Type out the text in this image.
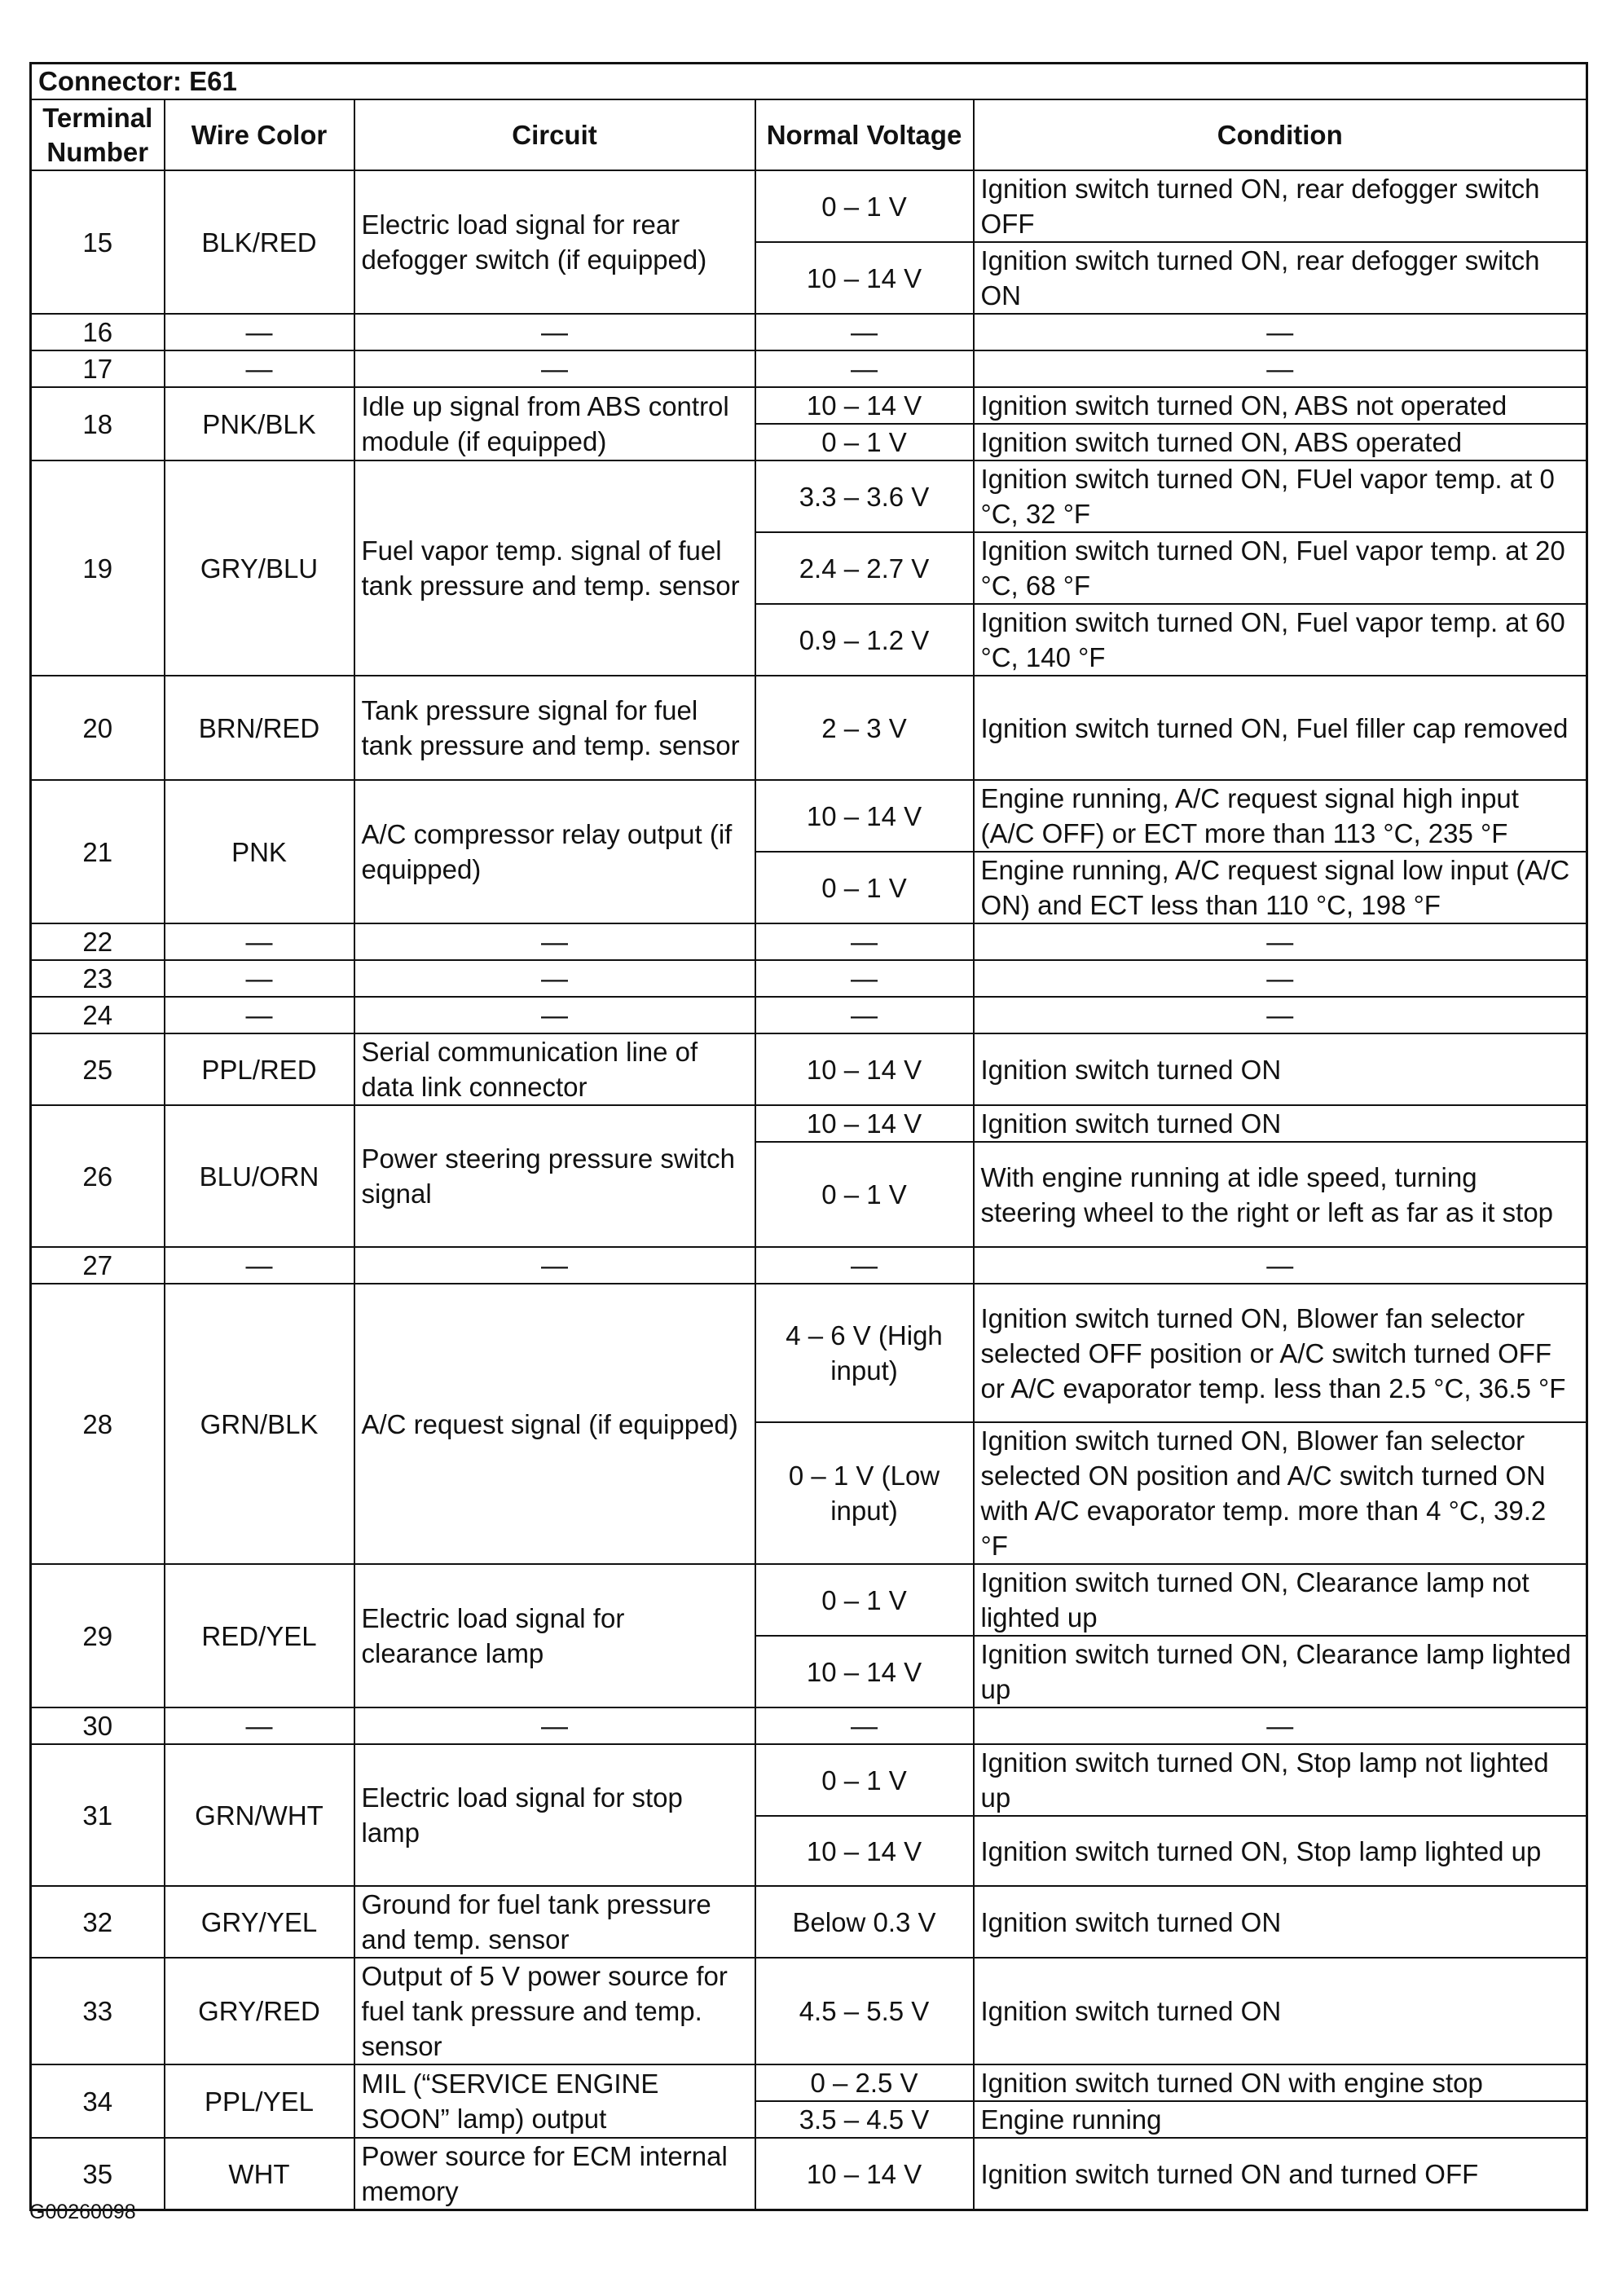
Connector: E61				
Terminal Number	Wire Color	Circuit	Normal Voltage	Condition
15	BLK/RED	Electric load signal for rear defogger switch (if equipped)	0 – 1 V	Ignition switch turned ON, rear defogger switch OFF
			10 – 14 V	Ignition switch turned ON, rear defogger switch ON
16	—	—	—	—
17	—	—	—	—
18	PNK/BLK	Idle up signal from ABS control module (if equipped)	10 – 14 V	Ignition switch turned ON, ABS not operated
			0 – 1 V	Ignition switch turned ON, ABS operated
19	GRY/BLU	Fuel vapor temp. signal of fuel tank pressure and temp. sensor	3.3 – 3.6 V	Ignition switch turned ON, FUel vapor temp. at 0 °C, 32 °F
			2.4 – 2.7 V	Ignition switch turned ON, Fuel vapor temp. at 20 °C, 68 °F
			0.9 – 1.2 V	Ignition switch turned ON, Fuel vapor temp. at 60 °C, 140 °F
20	BRN/RED	Tank pressure signal for fuel tank pressure and temp. sensor	2 – 3 V	Ignition switch turned ON, Fuel filler cap removed
21	PNK	A/C compressor relay output (if equipped)	10 – 14 V	Engine running, A/C request signal high input (A/C OFF) or ECT more than 113 °C, 235 °F
			0 – 1 V	Engine running, A/C request signal low input (A/C ON) and ECT less than 110 °C, 198 °F
22	—	—	—	—
23	—	—	—	—
24	—	—	—	—
25	PPL/RED	Serial communication line of data link connector	10 – 14 V	Ignition switch turned ON
26	BLU/ORN	Power steering pressure switch signal	10 – 14 V	Ignition switch turned ON
			0 – 1 V	With engine running at idle speed, turning steering wheel to the right or left as far as it stop
27	—	—	—	—
28	GRN/BLK	A/C request signal (if equipped)	4 – 6 V (High input)	Ignition switch turned ON, Blower fan selector selected OFF position or A/C switch turned OFF or A/C evaporator temp. less than 2.5 °C, 36.5 °F
			0 – 1 V (Low input)	Ignition switch turned ON, Blower fan selector selected ON position and A/C switch turned ON with A/C evaporator temp. more than 4 °C, 39.2 °F
29	RED/YEL	Electric load signal for clearance lamp	0 – 1 V	Ignition switch turned ON, Clearance lamp not lighted up
			10 – 14 V	Ignition switch turned ON, Clearance lamp lighted up
30	—	—	—	—
31	GRN/WHT	Electric load signal for stop lamp	0 – 1 V	Ignition switch turned ON, Stop lamp not lighted up
			10 – 14 V	Ignition switch turned ON, Stop lamp lighted up
32	GRY/YEL	Ground for fuel tank pressure and temp. sensor	Below 0.3 V	Ignition switch turned ON
33	GRY/RED	Output of 5 V power source for fuel tank pressure and temp. sensor	4.5 – 5.5 V	Ignition switch turned ON
34	PPL/YEL	MIL (“SERVICE ENGINE SOON” lamp) output	0 – 2.5 V	Ignition switch turned ON with engine stop
			3.5 – 4.5 V	Engine running
35	WHT	Power source for ECM internal memory	10 – 14 V	Ignition switch turned ON and turned OFF
G00260098
